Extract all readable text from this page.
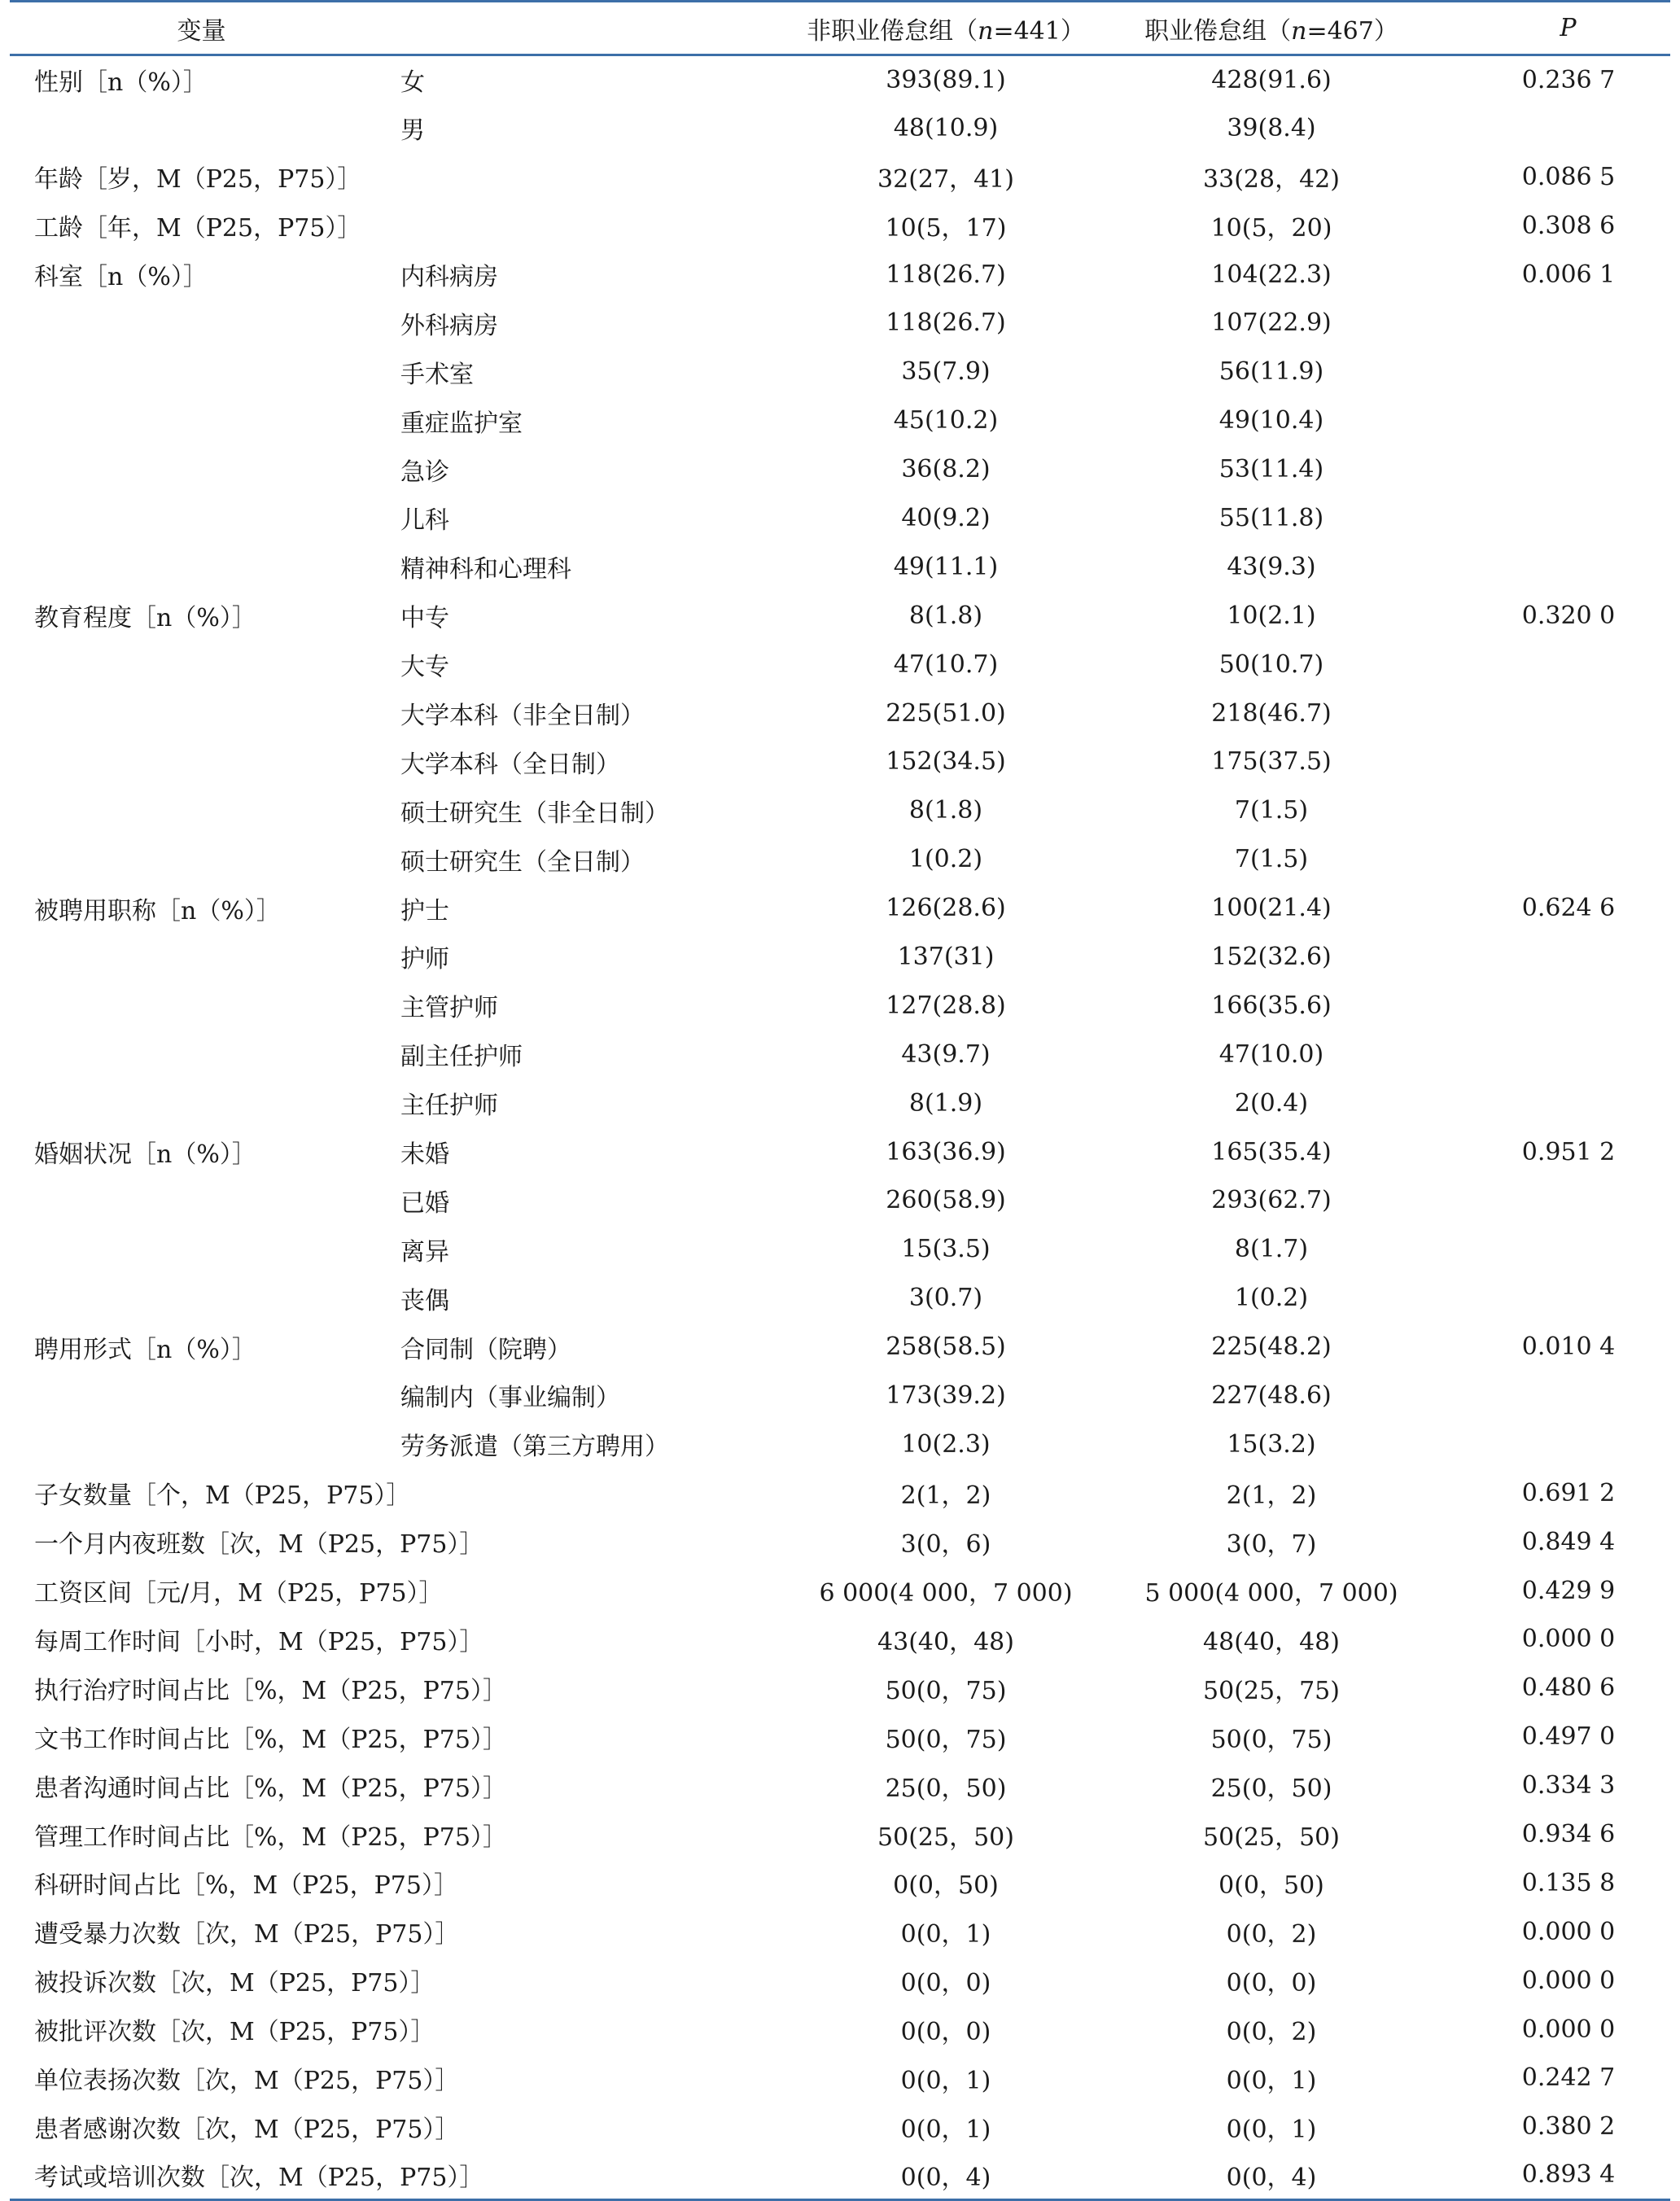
变量		非职业倦怠组（n=441）	职业倦怠组（n=467）	P
性别［n（%）］	女	393(89.1)	428(91.6)	0.236 7
	男	48(10.9)	39(8.4)	
年龄［岁，M（P25，P75）］		32(27，41)	33(28，42)	0.086 5
工龄［年，M（P25，P75）］		10(5，17)	10(5，20)	0.308 6
科室［n（%）］	内科病房	118(26.7)	104(22.3)	0.006 1
	外科病房	118(26.7)	107(22.9)	
	手术室	35(7.9)	56(11.9)	
	重症监护室	45(10.2)	49(10.4)	
	急诊	36(8.2)	53(11.4)	
	儿科	40(9.2)	55(11.8)	
	精神科和心理科	49(11.1)	43(9.3)	
教育程度［n（%）］	中专	8(1.8)	10(2.1)	0.320 0
	大专	47(10.7)	50(10.7)	
	大学本科（非全日制）	225(51.0)	218(46.7)	
	大学本科（全日制）	152(34.5)	175(37.5)	
	硕士研究生（非全日制）	8(1.8)	7(1.5)	
	硕士研究生（全日制）	1(0.2)	7(1.5)	
被聘用职称［n（%）］	护士	126(28.6)	100(21.4)	0.624 6
	护师	137(31)	152(32.6)	
	主管护师	127(28.8)	166(35.6)	
	副主任护师	43(9.7)	47(10.0)	
	主任护师	8(1.9)	2(0.4)	
婚姻状况［n（%）］	未婚	163(36.9)	165(35.4)	0.951 2
	已婚	260(58.9)	293(62.7)	
	离异	15(3.5)	8(1.7)	
	丧偶	3(0.7)	1(0.2)	
聘用形式［n（%）］	合同制（院聘）	258(58.5)	225(48.2)	0.010 4
	编制内（事业编制）	173(39.2)	227(48.6)	
	劳务派遣（第三方聘用）	10(2.3)	15(3.2)	
子女数量［个，M（P25，P75）］		2(1，2)	2(1，2)	0.691 2
一个月内夜班数［次，M（P25，P75）］		3(0，6)	3(0，7)	0.849 4
工资区间［元/月，M（P25，P75）］		6 000(4 000，7 000)	5 000(4 000，7 000)	0.429 9
每周工作时间［小时，M（P25，P75）］		43(40，48)	48(40，48)	0.000 0
执行治疗时间占比［%，M（P25，P75）］		50(0，75)	50(25，75)	0.480 6
文书工作时间占比［%，M（P25，P75）］		50(0，75)	50(0，75)	0.497 0
患者沟通时间占比［%，M（P25，P75）］		25(0，50)	25(0，50)	0.334 3
管理工作时间占比［%，M（P25，P75）］		50(25，50)	50(25，50)	0.934 6
科研时间占比［%，M（P25，P75）］		0(0，50)	0(0，50)	0.135 8
遭受暴力次数［次，M（P25，P75）］		0(0，1)	0(0，2)	0.000 0
被投诉次数［次，M（P25，P75）］		0(0，0)	0(0，0)	0.000 0
被批评次数［次，M（P25，P75）］		0(0，0)	0(0，2)	0.000 0
单位表扬次数［次，M（P25，P75）］		0(0，1)	0(0，1)	0.242 7
患者感谢次数［次，M（P25，P75）］		0(0，1)	0(0，1)	0.380 2
考试或培训次数［次，M（P25，P75）］		0(0，4)	0(0，4)	0.893 4
